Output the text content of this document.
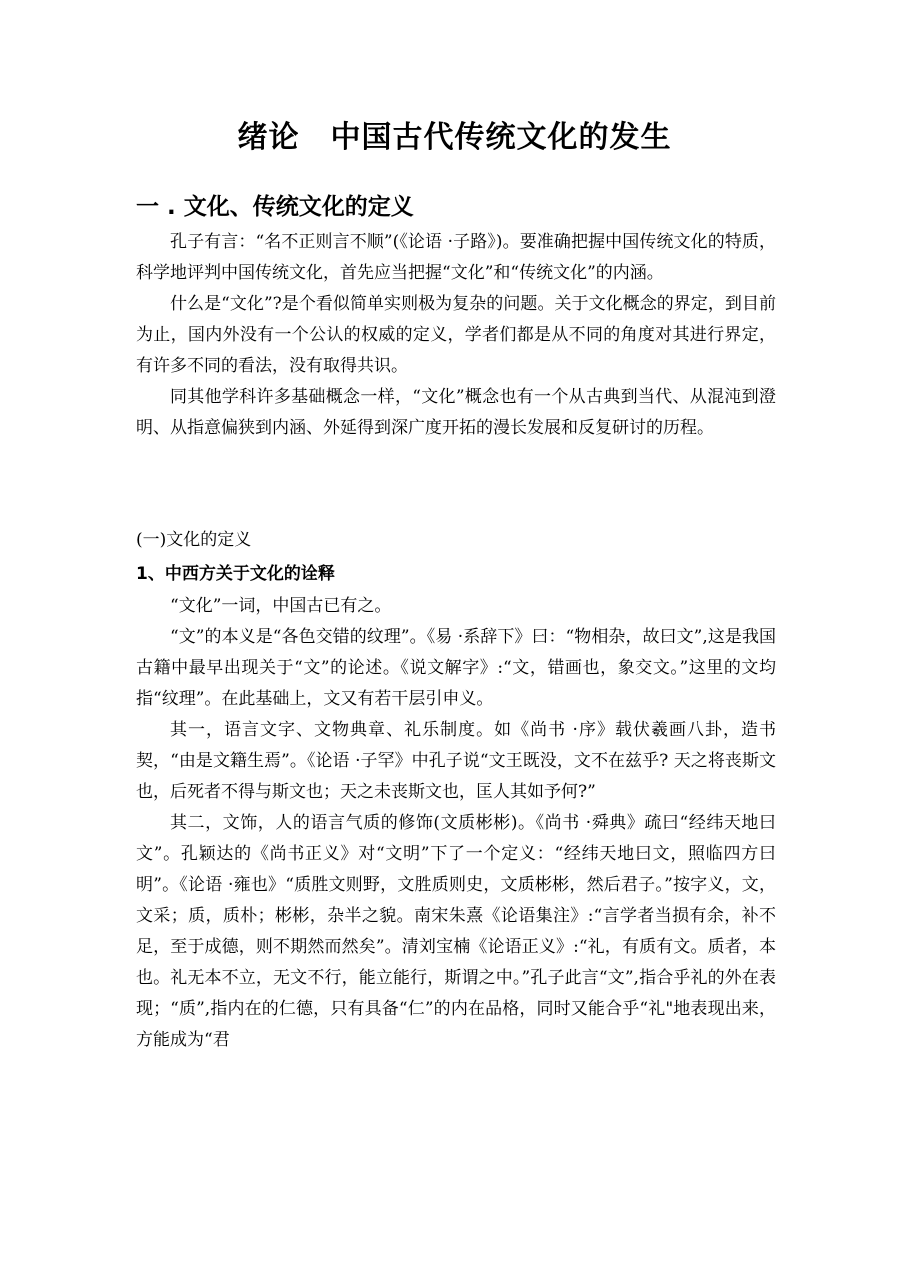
绪论　中国古代传统文化的发生
一 . 文化、传统文化的定义

孔子有言：“名不正则言不顺”(《论语 ·子路》)。要准确把握中国传统文化的特质，科学地评判中国传统文化，首先应当把握“文化”和“传统文化”的内涵。

什么是“文化”?是个看似简单实则极为复杂的问题。关于文化概念的界定，到目前为止，国内外没有一个公认的权威的定义，学者们都是从不同的角度对其进行界定，有许多不同的看法，没有取得共识。

同其他学科许多基础概念一样，“文化”概念也有一个从古典到当代、从混沌到澄明、从指意偏狭到内涵、外延得到深广度开拓的漫长发展和反复研讨的历程。

(一)文化的定义
1、中西方关于文化的诠释

“文化”一词，中国古已有之。

“文”的本义是“各色交错的纹理”。《易 ·系辞下》曰：“物相杂，故曰文”,这是我国古籍中最早出现关于“文”的论述。《说文解字》:“文，错画也，象交文。”这里的文均指“纹理”。在此基础上，文又有若干层引申义。

其一，语言文字、文物典章、礼乐制度。如《尚书 ·序》载伏羲画八卦，造书契，“由是文籍生焉”。《论语 ·子罕》中孔子说“文王既没，文不在兹乎? 天之将丧斯文也，后死者不得与斯文也；天之未丧斯文也，匡人其如予何?”

其二，文饰，人的语言气质的修饰(文质彬彬)。《尚书 ·舜典》疏曰“经纬天地曰文”。孔颖达的《尚书正义》对“文明”下了一个定义：“经纬天地曰文，照临四方曰明”。《论语 ·雍也》“质胜文则野，文胜质则史，文质彬彬，然后君子。”按字义，文，文采；质，质朴；彬彬，杂半之貌。南宋朱熹《论语集注》:“言学者当损有余，补不足，至于成德，则不期然而然矣”。清刘宝楠《论语正义》:“礼，有质有文。质者，本也。礼无本不立，无文不行，能立能行，斯谓之中。”孔子此言“文”,指合乎礼的外在表现；“质”,指内在的仁德，只有具备“仁”的内在品格，同时又能合乎“礼"地表现出来，方能成为“君
